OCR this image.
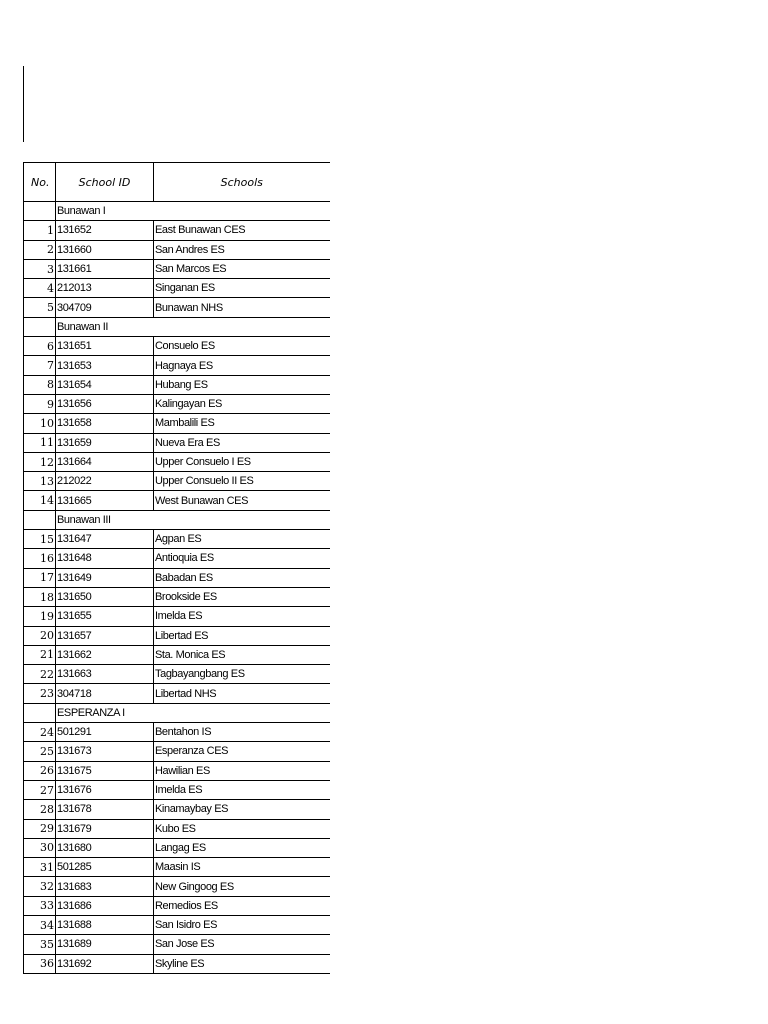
No.	School ID	Schools
	Bunawan I	
1	131652	East Bunawan CES
2	131660	San Andres ES
3	131661	San Marcos ES
4	212013	Singanan ES
5	304709	Bunawan NHS
	Bunawan II	
6	131651	Consuelo ES
7	131653	Hagnaya ES
8	131654	Hubang ES
9	131656	Kalingayan ES
10	131658	Mambalili ES
11	131659	Nueva Era ES
12	131664	Upper Consuelo I ES
13	212022	Upper Consuelo II ES
14	131665	West Bunawan CES
	Bunawan III	
15	131647	Agpan ES
16	131648	Antioquia ES
17	131649	Babadan ES
18	131650	Brookside ES
19	131655	Imelda ES
20	131657	Libertad ES
21	131662	Sta. Monica ES
22	131663	Tagbayangbang ES
23	304718	Libertad NHS
	ESPERANZA I	
24	501291	Bentahon IS
25	131673	Esperanza CES
26	131675	Hawilian ES
27	131676	Imelda ES
28	131678	Kinamaybay ES
29	131679	Kubo ES
30	131680	Langag ES
31	501285	Maasin IS
32	131683	New Gingoog ES
33	131686	Remedios ES
34	131688	San Isidro ES
35	131689	San Jose ES
36	131692	Skyline ES
